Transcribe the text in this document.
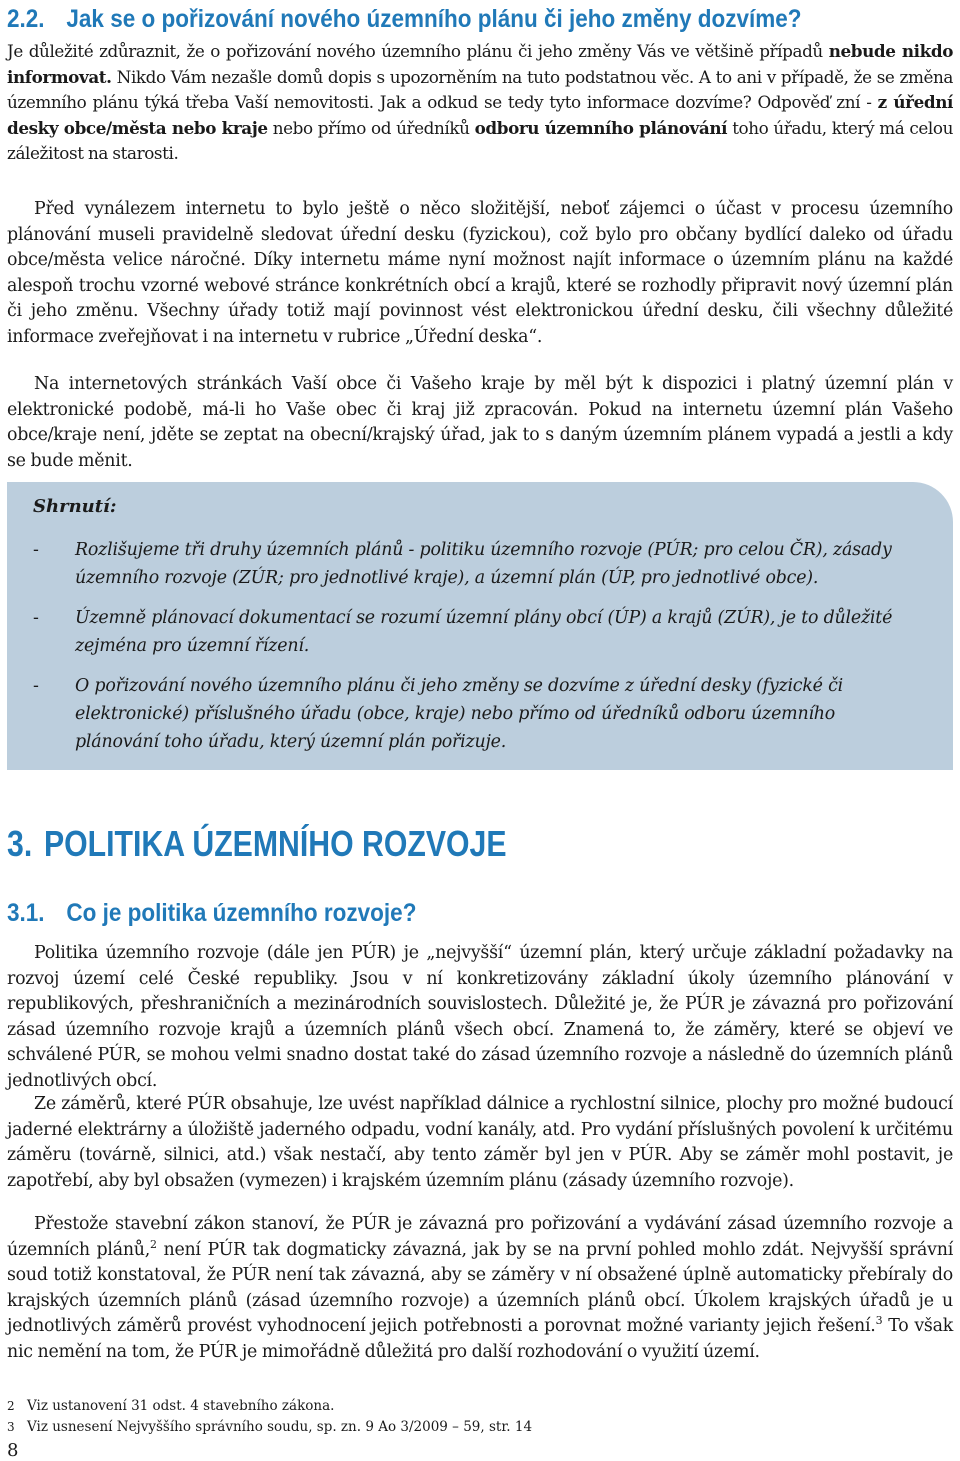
2.2. Jak se o pořizování nového územního plánu či jeho změny dozvíme?

Je důležité zdůraznit, že o pořizování nového územního plánu či jeho změny Vás ve většině případů nebude nikdo informovat. Nikdo Vám nezašle domů dopis s upozorněním na tuto podstatnou věc. A to ani v případě, že se změna územního plánu týká třeba Vaší nemovitosti. Jak a odkud se tedy tyto informace dozvíme? Odpověď zní - z úřední desky obce/města nebo kraje nebo přímo od úředníků odboru územního plánování toho úřadu, který má celou záležitost na starosti.

Před vynálezem internetu to bylo ještě o něco složitější, neboť zájemci o účast v procesu územního plánování museli pravidelně sledovat úřední desku (fyzickou), což bylo pro občany bydlící daleko od úřadu obce/města velice náročné. Díky internetu máme nyní možnost najít informace o územním plánu na každé alespoň trochu vzorné webové stránce konkrétních obcí a krajů, které se rozhodly připravit nový územní plán či jeho změnu. Všechny úřady totiž mají povinnost vést elektronickou úřední desku, čili všechny důležité informace zveřejňovat i na internetu v rubrice „Úřední deska“.

Na internetových stránkách Vaší obce či Vašeho kraje by měl být k dispozici i platný územní plán v elektronické podobě, má-li ho Vaše obec či kraj již zpracován. Pokud na internetu územní plán Vašeho obce/kraje není, jděte se zeptat na obecní/krajský úřad, jak to s daným územním plánem vypadá a jestli a kdy se bude měnit.

Shrnutí:

- Rozlišujeme tři druhy územních plánů - politiku územního rozvoje (PÚR; pro celou ČR), zásady územního rozvoje (ZÚR; pro jednotlivé kraje), a územní plán (ÚP, pro jednotlivé obce).
- Územně plánovací dokumentací se rozumí územní plány obcí (ÚP) a krajů (ZÚR), je to důležité zejména pro územní řízení.
- O pořizování nového územního plánu či jeho změny se dozvíme z úřední desky (fyzické či elektronické) příslušného úřadu (obce, kraje) nebo přímo od úředníků odboru územního plánování toho úřadu, který územní plán pořizuje.
3. POLITIKA ÚZEMNÍHO ROZVOJE
3.1. Co je politika územního rozvoje?

Politika územního rozvoje (dále jen PÚR) je „nejvyšší“ územní plán, který určuje základní požadavky na rozvoj území celé České republiky. Jsou v ní konkretizovány základní úkoly územního plánování v republikových, přeshraničních a mezinárodních souvislostech. Důležité je, že PÚR je závazná pro pořizování zásad územního rozvoje krajů a územních plánů všech obcí. Znamená to, že záměry, které se objeví ve schválené PÚR, se mohou velmi snadno dostat také do zásad územního rozvoje a následně do územních plánů jednotlivých obcí.

Ze záměrů, které PÚR obsahuje, lze uvést například dálnice a rychlostní silnice, plochy pro možné budoucí jaderné elektrárny a úložiště jaderného odpadu, vodní kanály, atd. Pro vydání příslušných povolení k určitému záměru (továrně, silnici, atd.) však nestačí, aby tento záměr byl jen v PÚR. Aby se záměr mohl postavit, je zapotřebí, aby byl obsažen (vymezen) i krajském územním plánu (zásady územního rozvoje).

Přestože stavební zákon stanoví, že PÚR je závazná pro pořizování a vydávání zásad územního rozvoje a územních plánů,$^2$ není PÚR tak dogmaticky závazná, jak by se na první pohled mohlo zdát. Nejvyšší správní soud totiž konstatoval, že PÚR není tak závazná, aby se záměry v ní obsažené úplně automaticky přebíraly do krajských územních plánů (zásad územního rozvoje) a územních plánů obcí. Úkolem krajských úřadů je u jednotlivých záměrů provést vyhodnocení jejich potřebnosti a porovnat možné varianty jejich řešení.$^3$ To však nic nemění na tom, že PÚR je mimořádně důležitá pro další rozhodování o využití území.

2 Viz ustanovení 31 odst. 4 stavebního zákona.

3 Viz usnesení Nejvyššího správního soudu, sp. zn. 9 Ao 3/2009 – 59, str. 14

8
